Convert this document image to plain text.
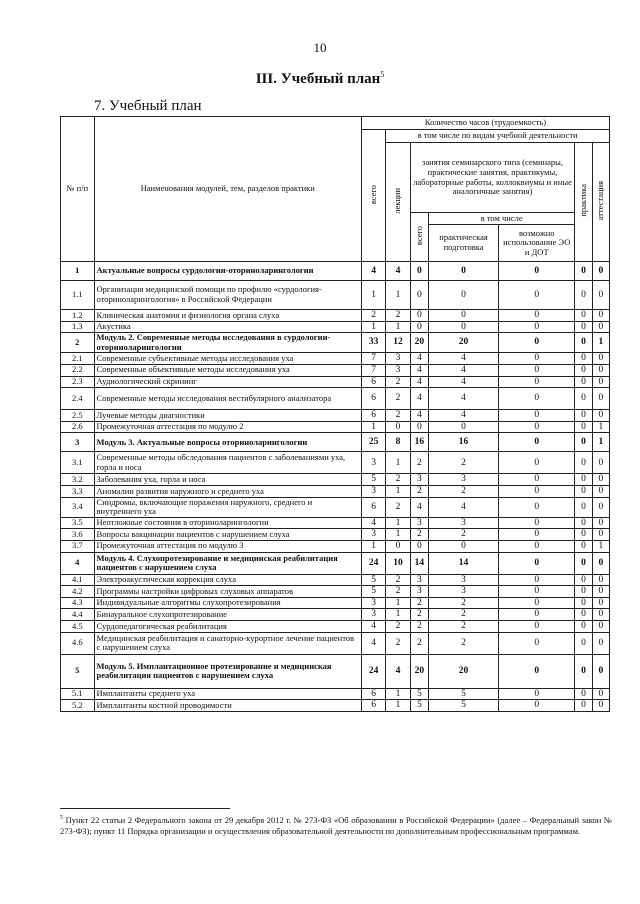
10
III. Учебный план$^5$
7. Учебный план
№ п/п	Наименования модулей, тем, разделов практики	Количество часов (трудоемкость)						
		всего	в том числе по видам учебной деятельности					
			лекции	занятия семинарского типа (семинары, практические занятия, практикумы, лабораторные работы, коллоквиумы и иные аналогичные занятия)			практика	аттестация
				всего	в том числе			
					практическая подготовка	возможно использование ЭО и ДОТ		
1	Актуальные вопросы сурдологии-оториноларингологии	4	4	0	0	0	0	0
1.1	Организация медицинской помощи по профилю «сурдология-оториноларингология» в Российской Федерации	1	1	0	0	0	0	0
1.2	Клиническая анатомия и физиология органа слуха	2	2	0	0	0	0	0
1.3	Акустика	1	1	0	0	0	0	0
2	Модуль 2. Современные методы исследования в сурдологии-оториноларингологии	33	12	20	20	0	0	1
2.1	Современные субъективные методы исследования уха	7	3	4	4	0	0	0
2.2	Современные объективные методы исследования уха	7	3	4	4	0	0	0
2.3	Аудиологический скрининг	6	2	4	4	0	0	0
2.4	Современные методы исследования вестибулярного анализатора	6	2	4	4	0	0	0
2.5	Лучевые методы диагностики	6	2	4	4	0	0	0
2.6	Промежуточная аттестация по модулю 2	1	0	0	0	0	0	1
3	Модуль 3. Актуальные вопросы оториноларингологии	25	8	16	16	0	0	1
3.1	Современные методы обследования пациентов с заболеваниями уха, горла и носа	3	1	2	2	0	0	0
3.2	Заболевания уха, горла и носа	5	2	3	3	0	0	0
3.3	Аномалии развития наружного и среднего уха	3	1	2	2	0	0	0
3.4	Синдромы, включающие поражения наружного, среднего и внутреннего уха	6	2	4	4	0	0	0
3.5	Неотложные состояния в оториноларингологии	4	1	3	3	0	0	0
3.6	Вопросы вакцинации пациентов с нарушением слуха	3	1	2	2	0	0	0
3.7	Промежуточная аттестация по модулю 3	1	0	0	0	0	0	1
4	Модуль 4. Слухопротезирование и медицинская реабилитация пациентов с нарушением слуха	24	10	14	14	0	0	0
4.1	Электроакустическая коррекция слуха	5	2	3	3	0	0	0
4.2	Программы настройки цифровых слуховых аппаратов	5	2	3	3	0	0	0
4.3	Индивидуальные алгоритмы слухопротезирования	3	1	2	2	0	0	0
4.4	Бинауральное слухопротезирование	3	1	2	2	0	0	0
4.5	Сурдопедагогическая реабилитация	4	2	2	2	0	0	0
4.6	Медицинская реабилитация и санаторно-курортное лечение пациентов с нарушением слуха	4	2	2	2	0	0	0
5	Модуль 5. Имплантационное протезирование и медицинская реабилитация пациентов с нарушением слуха	24	4	20	20	0	0	0
5.1	Имплантанты среднего уха	6	1	5	5	0	0	0
5.2	Имплантанты костной проводимости	6	1	5	5	0	0	0
$^5$ Пункт 22 статьи 2 Федерального закона от 29 декабря 2012 г. № 273-ФЗ «Об образовании в Российской Федерации» (далее – Федеральный закон № 273-ФЗ); пункт 11 Порядка организации и осуществления образовательной деятельности по дополнительным профессиональным программам.
